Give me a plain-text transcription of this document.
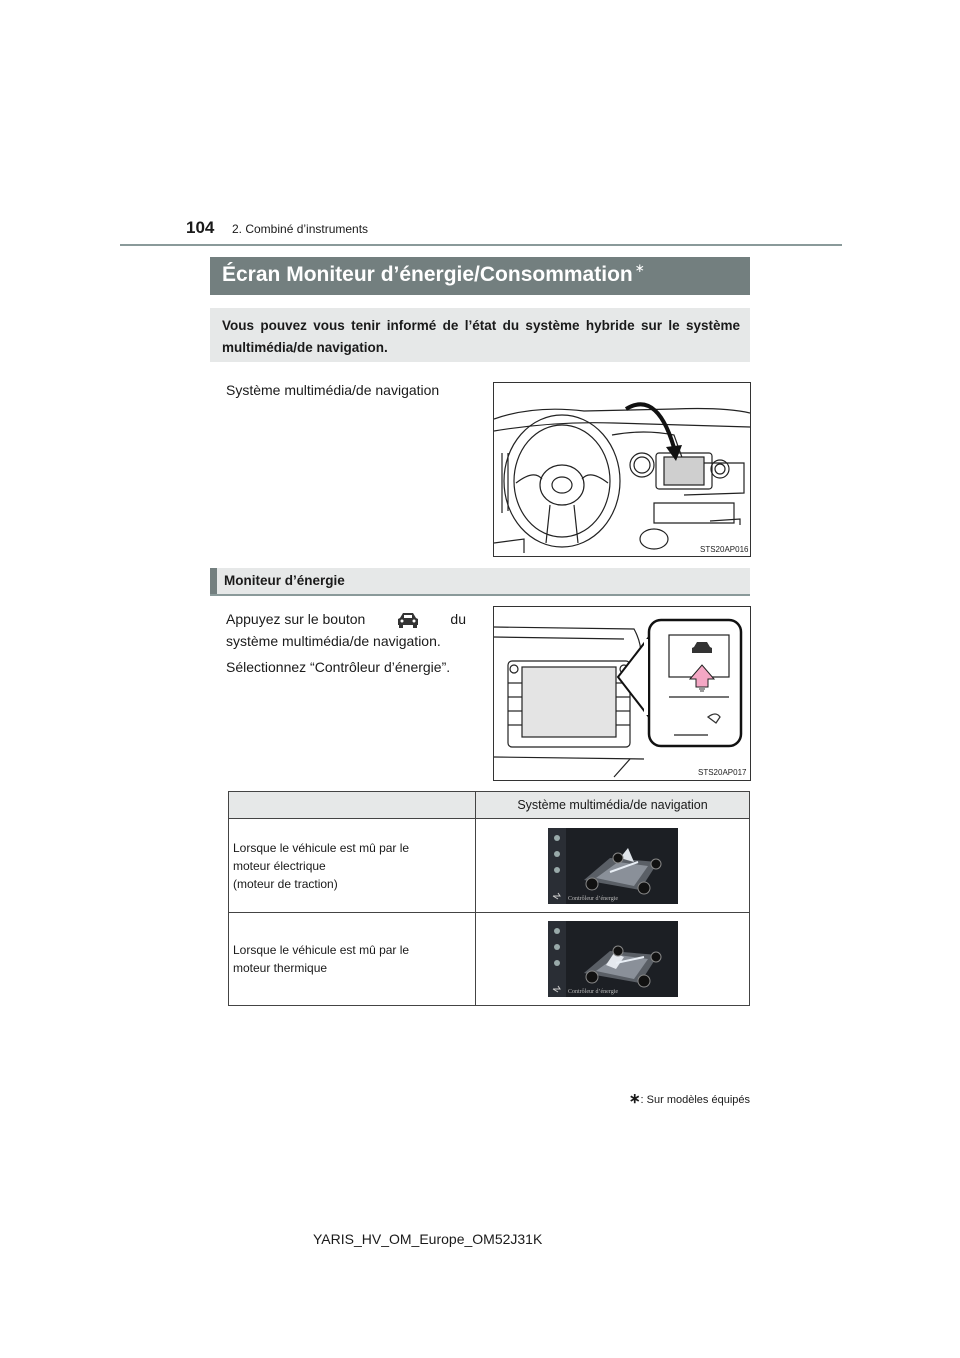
104 2. Combiné d’instruments
Écran Moniteur d’énergie/Consommation ∗
Vous pouvez vous tenir informé de l’état du système hybride sur le système multimédia/de navigation.
Système multimédia/de navigation
STS20AP016
Moniteur d’énergie
Appuyez sur le bouton	du
système multimédia/de navigation.
Sélectionnez “Contrôleur d’énergie”.
STS20AP017
	Système multimédia/de navigation

Lorsque le véhicule est mû par le
moteur électrique
(moteur de traction)	Contrôleur d’énergie

Lorsque le véhicule est mû par le
moteur thermique	Contrôleur d’énergie
∗: Sur modèles équipés
YARIS_HV_OM_Europe_OM52J31K
